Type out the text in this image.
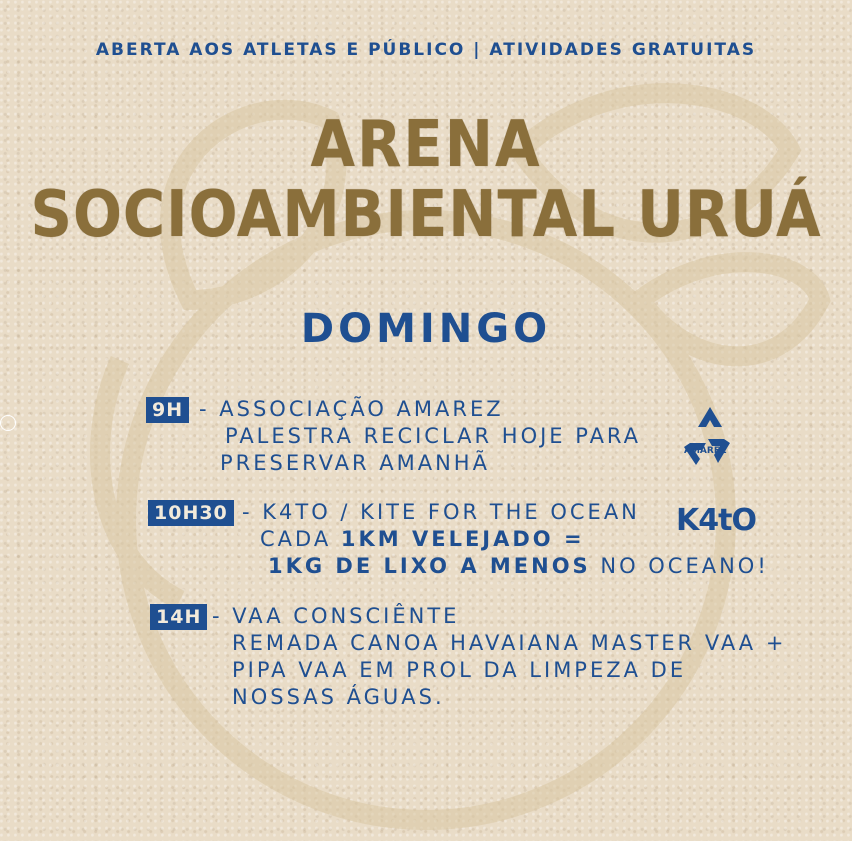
ABERTA AOS ATLETAS E PÚBLICO | ATIVIDADES GRATUITAS
ARENA
SOCIOAMBIENTAL URUÁ
DOMINGO
9H - ASSOCIAÇÃO AMAREZ
PALESTRA RECICLAR HOJE PARA
PRESERVAR AMANHÃ	AMAREZ
10H30 - K4TO / KITE FOR THE OCEAN
CADA 1KM VELEJADO =
1KG DE LIXO A MENOS NO OCEANO!
K4tO
14H - VAA CONSCIÊNTE
REMADA CANOA HAVAIANA MASTER VAA +
PIPA VAA EM PROL DA LIMPEZA DE
NOSSAS ÁGUAS.
